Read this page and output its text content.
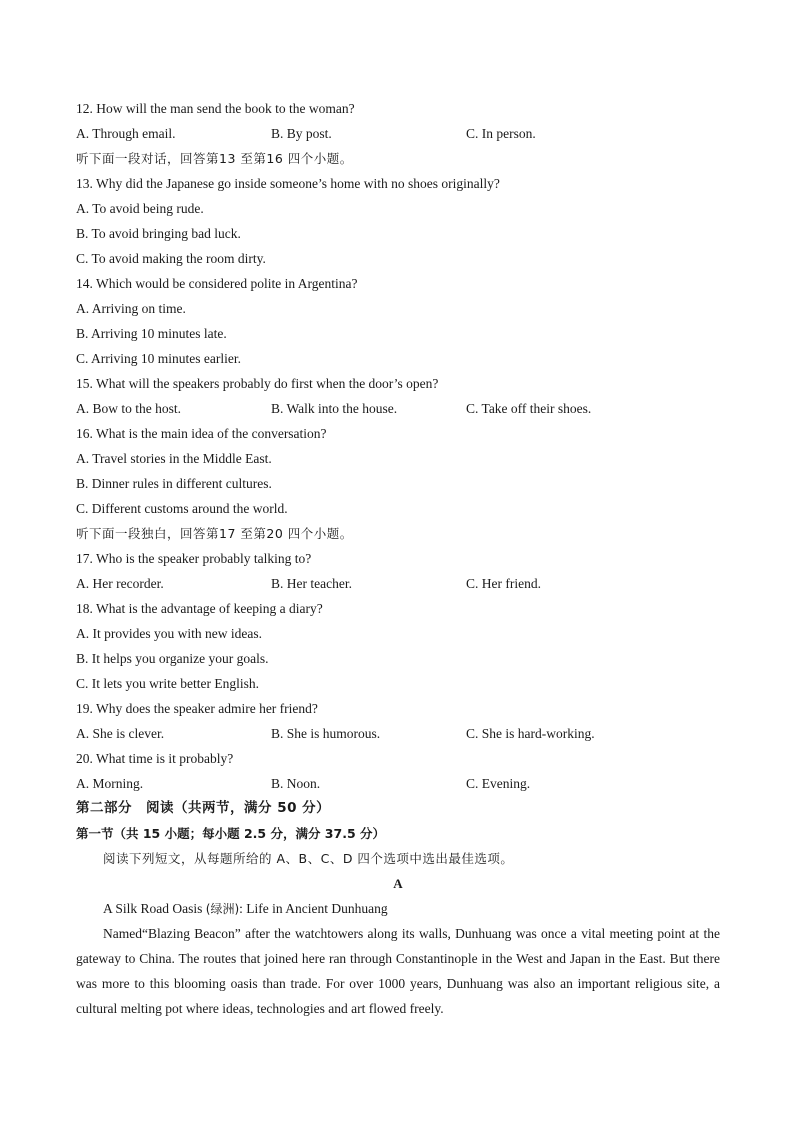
12. How will the man send the book to the woman?
A. Through email.	B. By post.	C. In person.
听下面一段对话，回答第13 至第16 四个小题。
13. Why did the Japanese go inside someone’s home with no shoes originally?
A. To avoid being rude.
B. To avoid bringing bad luck.
C. To avoid making the room dirty.
14. Which would be considered polite in Argentina?
A. Arriving on time.
B. Arriving 10 minutes late.
C. Arriving 10 minutes earlier.
15. What will the speakers probably do first when the door’s open?
A. Bow to the host.	B. Walk into the house.	C. Take off their shoes.
16. What is the main idea of the conversation?
A. Travel stories in the Middle East.
B. Dinner rules in different cultures.
C. Different customs around the world.
听下面一段独白，回答第17 至第20 四个小题。
17. Who is the speaker probably talking to?
A. Her recorder.	B. Her teacher.	C. Her friend.
18. What is the advantage of keeping a diary?
A. It provides you with new ideas.
B. It helps you organize your goals.
C. It lets you write better English.
19. Why does the speaker admire her friend?
A. She is clever.	B. She is humorous.	C. She is hard-working.
20. What time is it probably?
A. Morning.	B. Noon.	C. Evening.
第二部分　阅读（共两节，满分 50 分）
第一节（共 15 小题；每小题 2.5 分，满分 37.5 分）
阅读下列短文，从每题所给的 A、B、C、D 四个选项中选出最佳选项。
A
A Silk Road Oasis (绿洲): Life in Ancient Dunhuang

Named“Blazing Beacon” after the watchtowers along its walls, Dunhuang was once a vital meeting point at the gateway to China. The routes that joined here ran through Constantinople in the West and Japan in the East. But there was more to this blooming oasis than trade. For over 1000 years, Dunhuang was also an important religious site, a cultural melting pot where ideas, technologies and art flowed freely.
